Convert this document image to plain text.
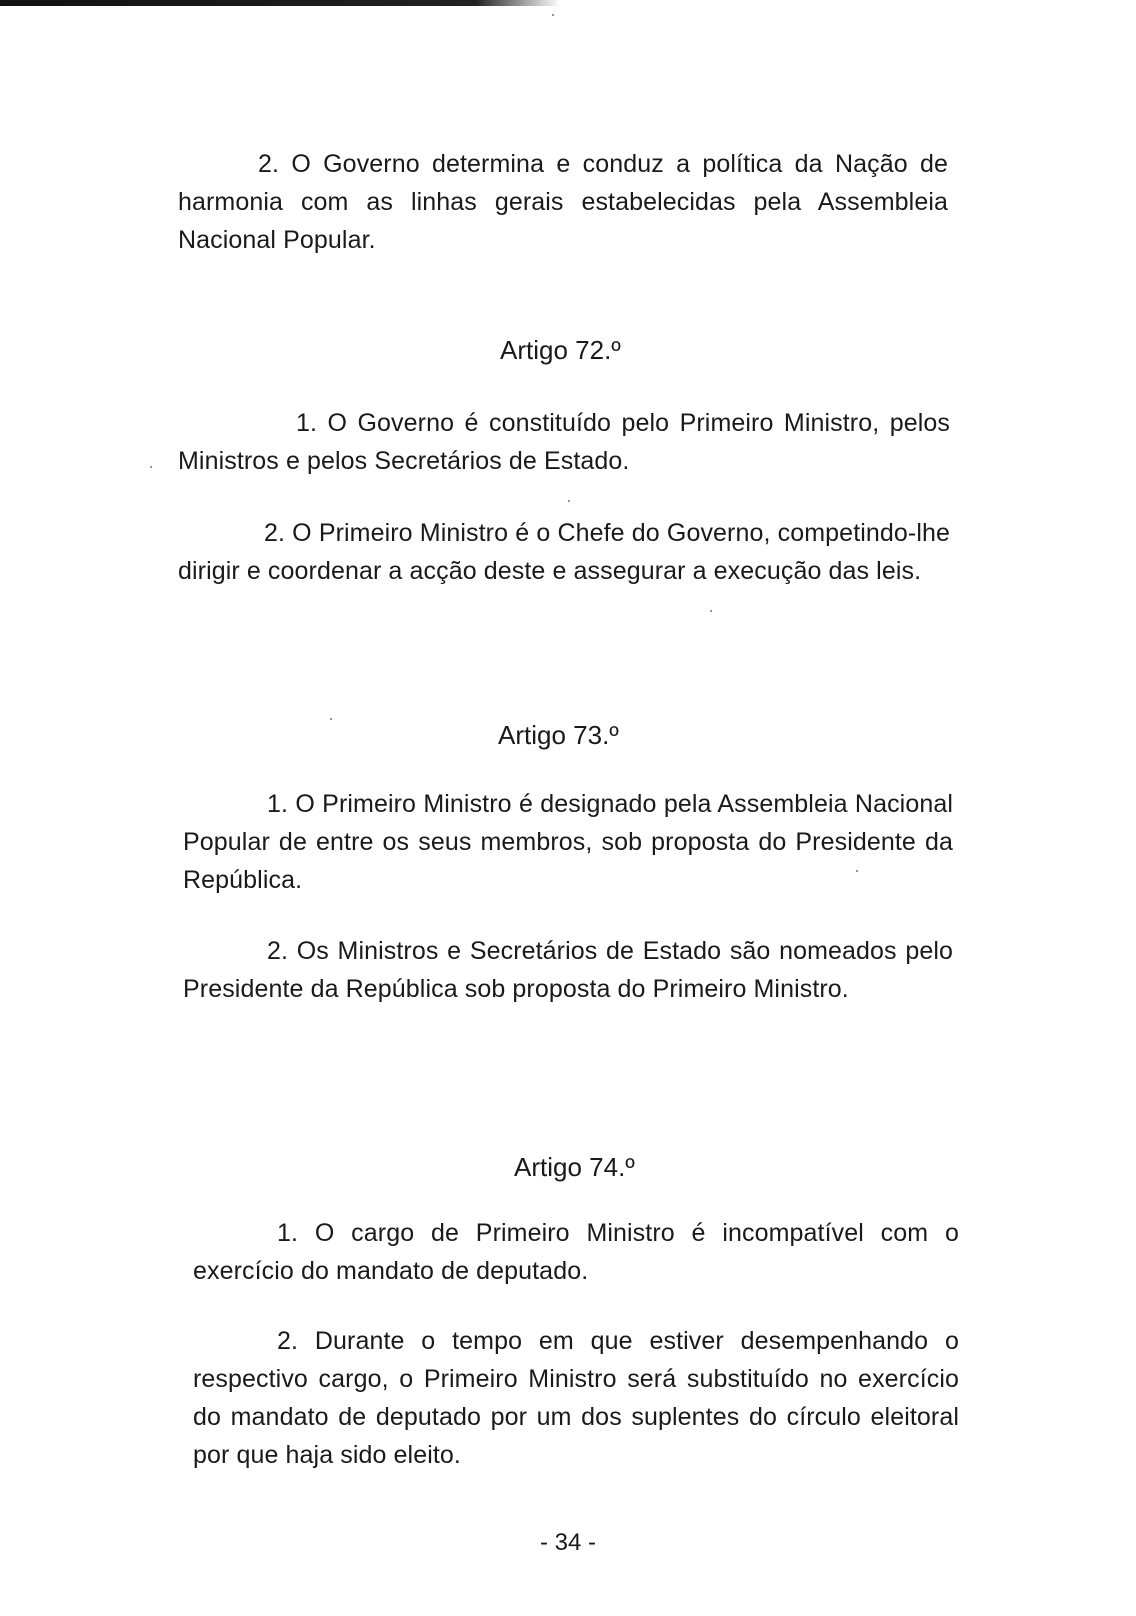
2. O Governo determina e conduz a política da Nação de harmonia com as linhas gerais estabelecidas pela Assembleia Nacional Popular.

Artigo 72.º

1. O Governo é constituído pelo Primeiro Ministro, pelos Ministros e pelos Secretários de Estado.

2. O Primeiro Ministro é o Chefe do Governo, competindo-lhe dirigir e coordenar a acção deste e assegurar a execução das leis.

Artigo 73.º

1. O Primeiro Ministro é designado pela Assembleia Nacional Popular de entre os seus membros, sob proposta do Presidente da República.

2. Os Ministros e Secretários de Estado são nomeados pelo Presidente da República sob proposta do Primeiro Ministro.

Artigo 74.º

1. O cargo de Primeiro Ministro é incompatível com o exercício do mandato de deputado.

2. Durante o tempo em que estiver desempenhando o respectivo cargo, o Primeiro Ministro será substituído no exercício do mandato de deputado por um dos suplentes do círculo eleitoral por que haja sido eleito.

- 34 -
